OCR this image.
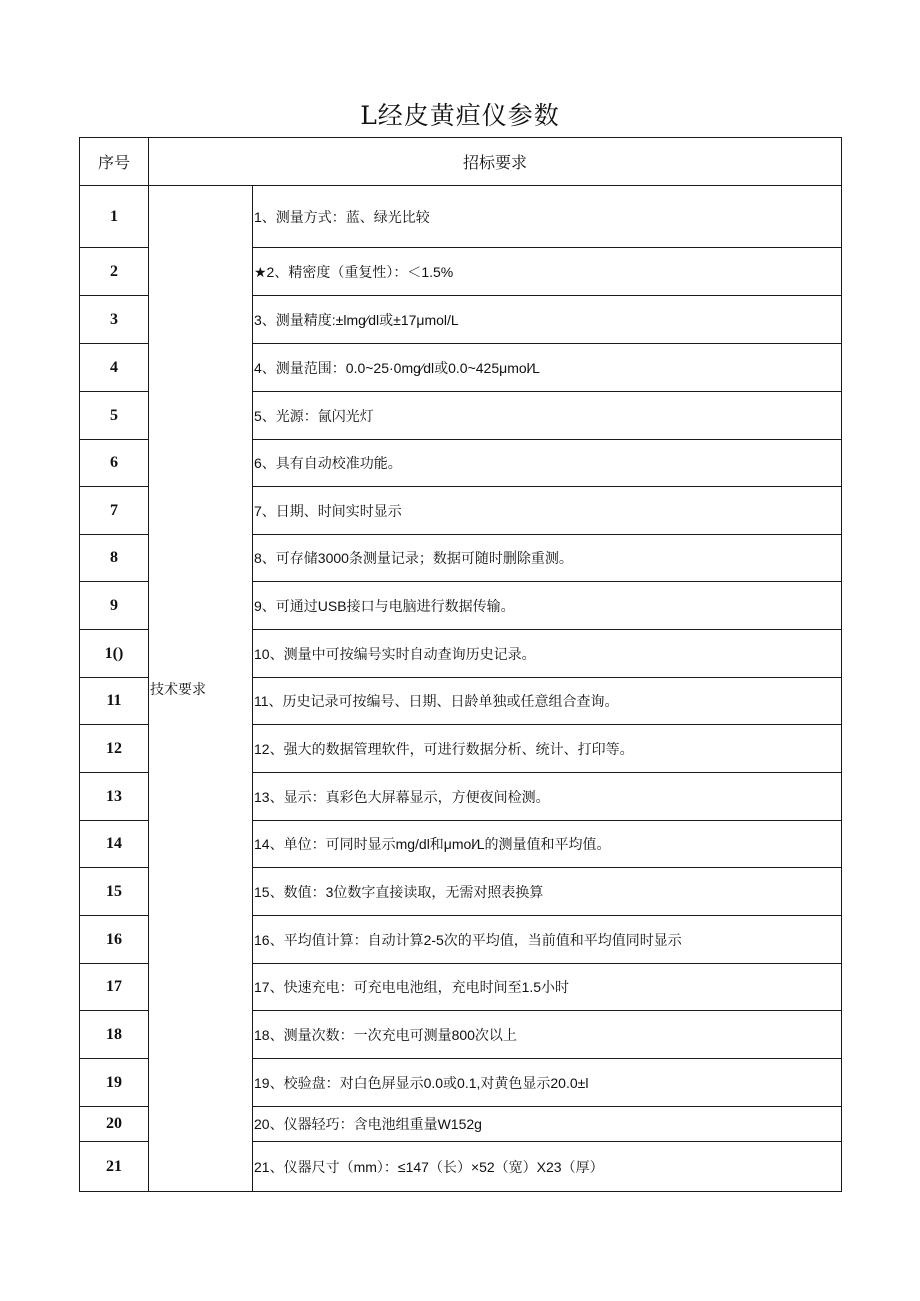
L经皮黄疸仪参数
序号	招标要求	
1	技术要求	1、测量方式：蓝、绿光比较
2		★2、精密度（重复性）：＜1.5%
3		3、测量精度:±lmg⁄dl或±17μmol/L
4		4、测量范围：0.0~25·0mg⁄dl或0.0~425μmol⁄L
5		5、光源：氤闪光灯
6		6、具有自动校准功能。
7		7、日期、时间实时显示
8		8、可存储3000条测量记录；数据可随时删除重测。
9		9、可通过USB接口与电脑进行数据传输。
1()		10、测量中可按编号实时自动查询历史记录。
11		11、历史记录可按编号、日期、日龄单独或任意组合查询。
12		12、强大的数据管理软件，可进行数据分析、统计、打印等。
13		13、显示：真彩色大屏幕显示，方便夜间检测。
14		14、单位：可同时显示mg/dl和μmol⁄L的测量值和平均值。
15		15、数值：3位数字直接读取，无需对照表换算
16		16、平均值计算：自动计算2-5次的平均值，当前值和平均值同时显示
17		17、快速充电：可充电电池组，充电时间至1.5小时
18		18、测量次数：一次充电可测量800次以上
19		19、校验盘：对白色屏显示0.0或0.1,对黄色显示20.0±l
20		20、仪器轻巧：含电池组重量W152g
21		21、仪器尺寸（mm）：≤147（长）×52（宽）X23（厚）
